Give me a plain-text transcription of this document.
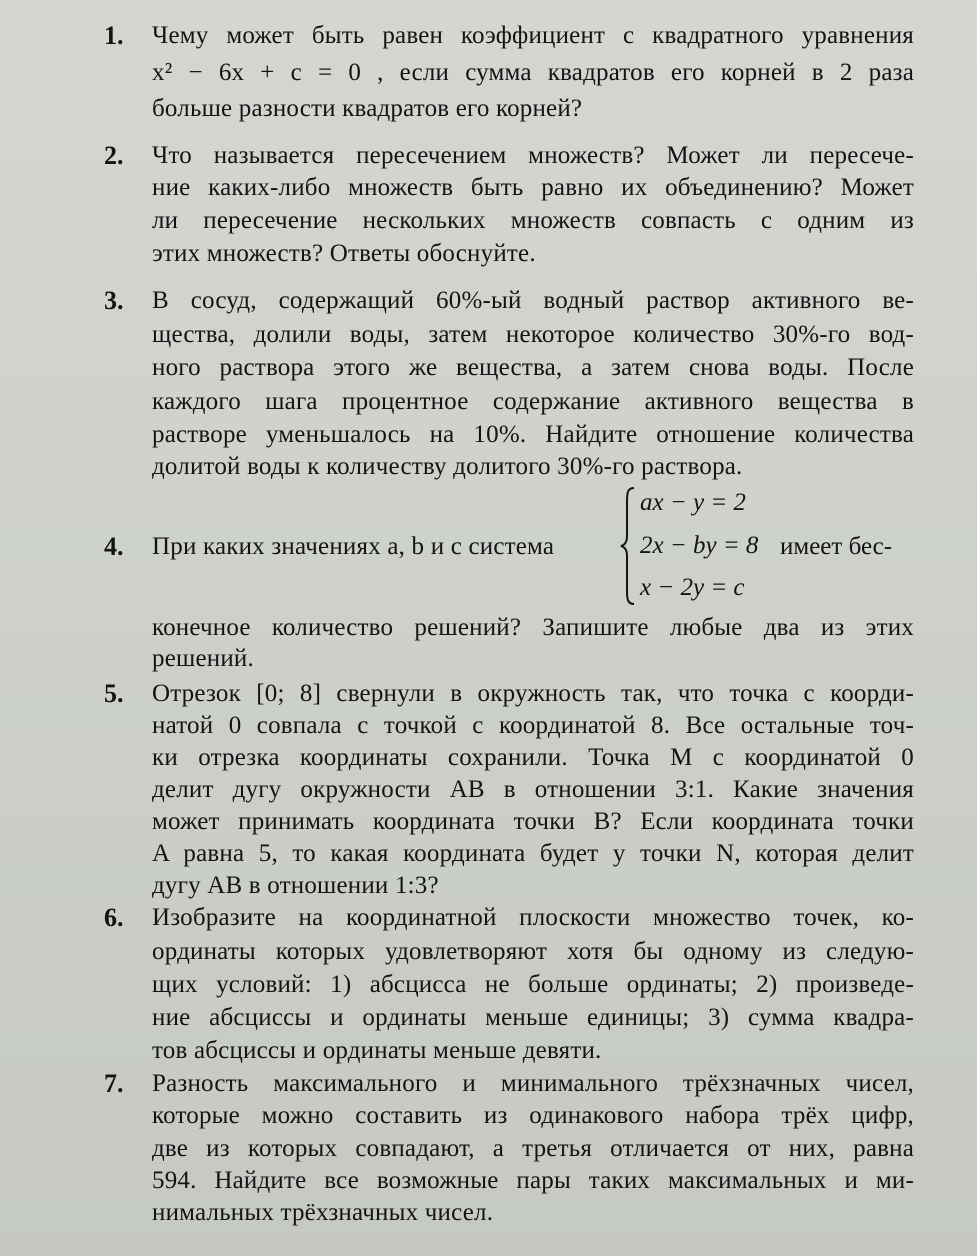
1. Чему может быть равен коэффициент c квадратного уравнения
x² − 6x + c = 0 , если сумма квадратов его корней в 2 раза
больше разности квадратов его корней?
2. Что называется пересечением множеств? Может ли пересече-
ние каких-либо множеств быть равно их объединению? Может
ли пересечение нескольких множеств совпасть с одним из
этих множеств? Ответы обоснуйте.
3. В сосуд, содержащий 60%-ый водный раствор активного ве-
щества, долили воды, затем некоторое количество 30%-го вод-
ного раствора этого же вещества, а затем снова воды. После
каждого шага процентное содержание активного вещества в
растворе уменьшалось на 10%. Найдите отношение количества
долитой воды к количеству долитого 30%-го раствора.
4. При каких значениях a, b и c система
ax − y = 2
2x − by = 8
x − 2y = c
имеет бес-
конечное количество решений? Запишите любые два из этих
решений.
5. Отрезок [0; 8] свернули в окружность так, что точка с коорди-
натой 0 совпала с точкой с координатой 8. Все остальные точ-
ки отрезка координаты сохранили. Точка M с координатой 0
делит дугу окружности AB в отношении 3:1. Какие значения
может принимать координата точки B? Если координата точки
A равна 5, то какая координата будет у точки N, которая делит
дугу AB в отношении 1:3?
6. Изобразите на координатной плоскости множество точек, ко-
ординаты которых удовлетворяют хотя бы одному из следую-
щих условий: 1) абсцисса не больше ординаты; 2) произведе-
ние абсциссы и ординаты меньше единицы; 3) сумма квадра-
тов абсциссы и ординаты меньше девяти.
7. Разность максимального и минимального трёхзначных чисел,
которые можно составить из одинакового набора трёх цифр,
две из которых совпадают, а третья отличается от них, равна
594. Найдите все возможные пары таких максимальных и ми-
нимальных трёхзначных чисел.
